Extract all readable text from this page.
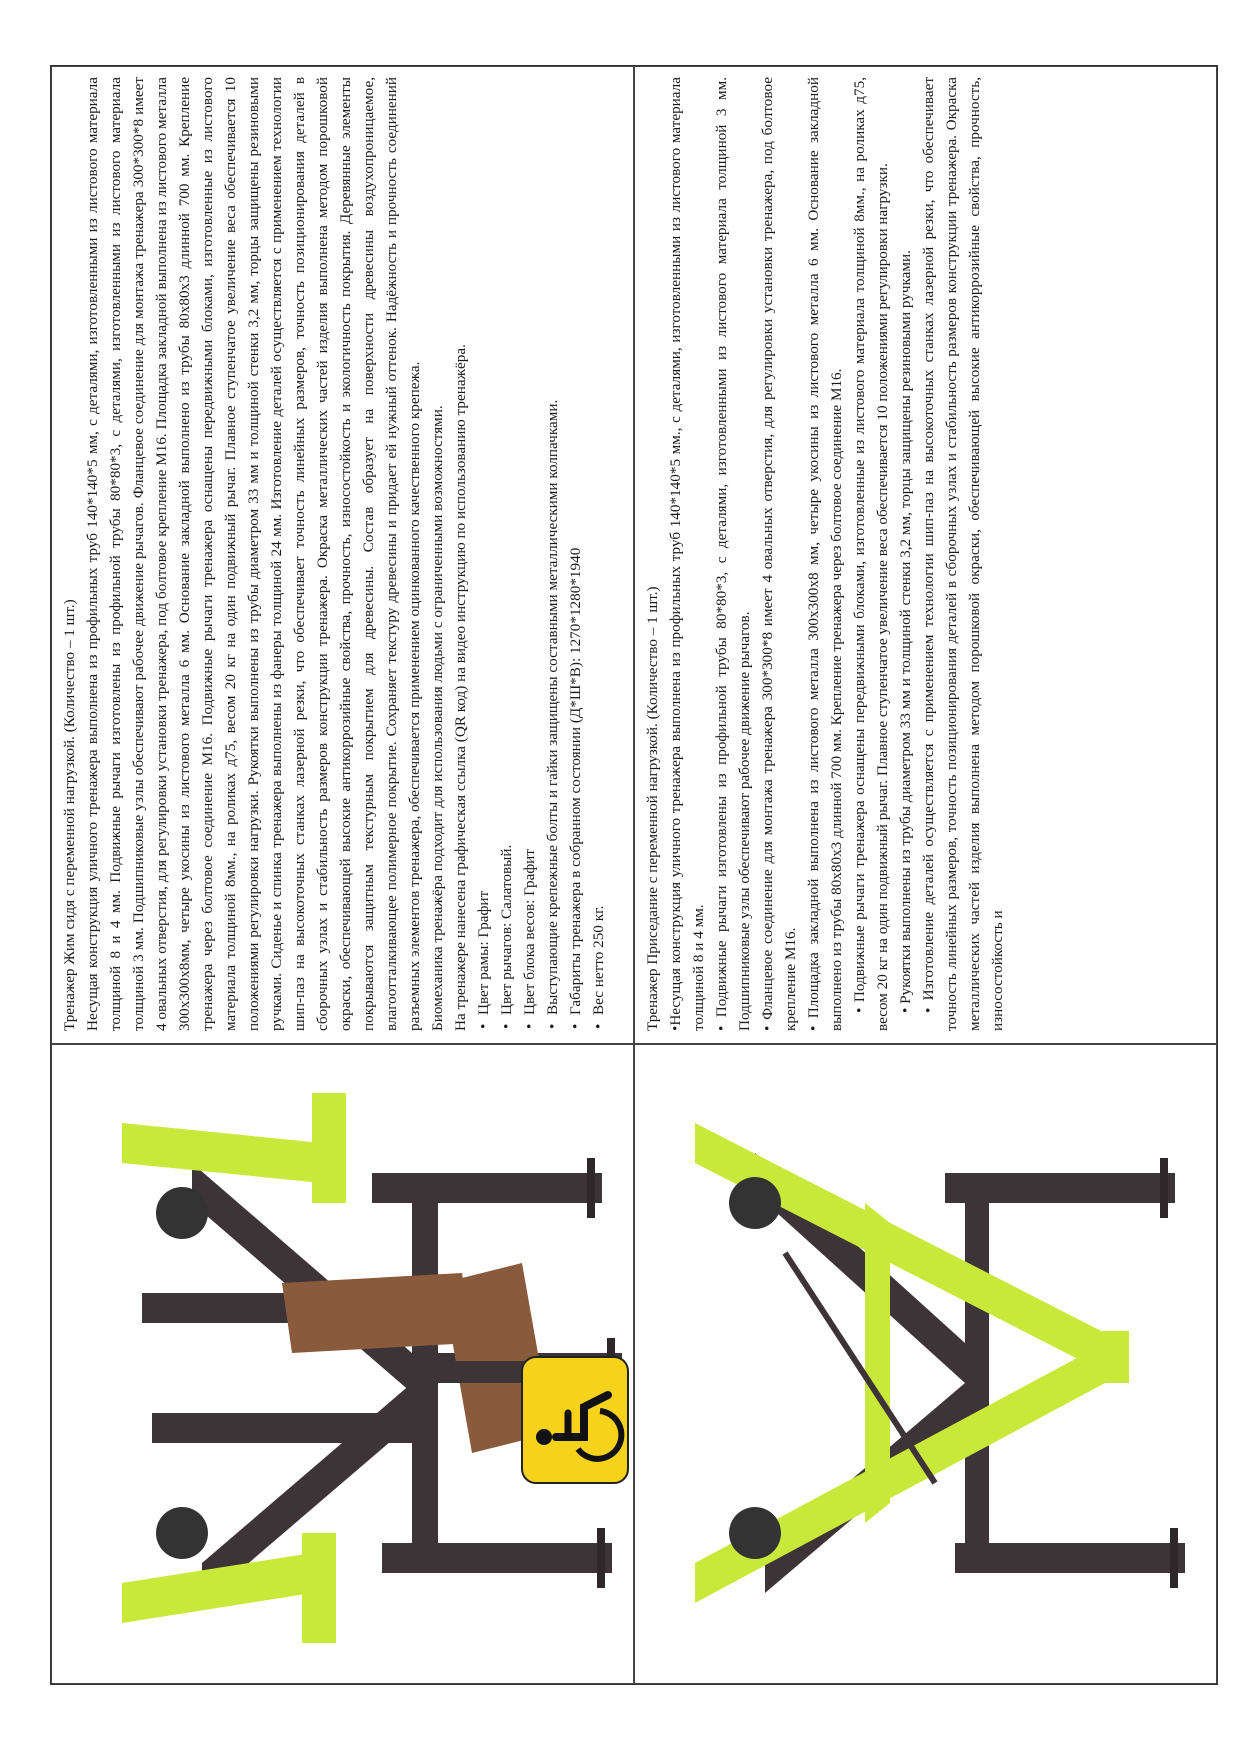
Тренажер Жим сидя с переменной нагрузкой. (Количество – 1 шт.) Несущая конструкция уличного тренажера выполнена из профильных труб 140*140*5 мм, с деталями, изготовленными из листового материала толщиной 8 и 4 мм. Подвижные рычаги изготовлены из профильной трубы 80*80*3, с деталями, изготовленными из листового материала толщиной 3 мм. Подшипниковые узлы обеспечивают рабочее движение рычагов. Фланцевое соединение для монтажа тренажера 300*300*8 имеет 4 овальных отверстия, для регулировки установки тренажера, под болтовое крепление М16. Площадка закладной выполнена из листового металла 300х300х8мм, четыре укосины из листового металла 6 мм. Основание закладной выполнено из трубы 80х80х3 длинной 700 мм. Крепление тренажера через болтовое соединение М16. Подвижные рычаги тренажера оснащены передвижными блоками, изготовленные из листового материала толщиной 8мм., на роликах д75, весом 20 кг на один подвижный рычаг. Плавное ступенчатое увеличение веса обеспечивается 10 положениями регулировки нагрузки. Рукоятки выполнены из трубы диаметром 33 мм и толщиной стенки 3,2 мм, торцы защищены резиновыми ручками. Сиденье и спинка тренажера выполнены из фанеры толщиной 24 мм. Изготовление деталей осуществляется с применением технологии шип-паз на высокоточных станках лазерной резки, что обеспечивает точность линейных размеров, точность позиционирования деталей в сборочных узлах и стабильность размеров конструкции тренажера. Окраска металлических частей изделия выполнена методом порошковой окраски, обеспечивающей высокие антикоррозийные свойства, прочность, износостойкость и экологичность покрытия. Деревянные элементы покрываются защитным текстурным покрытием для древесины. Состав образует на поверхности древесины воздухопроницаемое, влагоотталкивающее полимерное покрытие. Сохраняет текстуру древесины и придает ей нужный оттенок. Надёжность и прочность соединений разъемных элементов тренажера, обеспечивается применением оцинкованного качественного крепежа. Биомеханика тренажёра подходит для использования людьми с ограниченными возможностями. На тренажере нанесена графическая ссылка (QR код) на видео инструкцию по использованию тренажёра. • Цвет рамы: Графит • Цвет рычагов: Салатовый. • Цвет блока весов: Графит • Выступающие крепежные болты и гайки защищены составными металлическими колпачками. • Габариты тренажера в собранном состоянии (Д*Ш*В): 1270*1280*1940 • Вес нетто 250 кг. Тренажер Приседание с переменной нагрузкой. (Количество – 1 шт.) •Несущая конструкция уличного тренажера выполнена из профильных труб 140*140*5 мм., с деталями, изготовленными из листового материала толщиной 8 и 4 мм. • Подвижные рычаги изготовлены из профильной трубы 80*80*3, с деталями, изготовленными из листового материала толщиной 3 мм. Подшипниковые узлы обеспечивают рабочее движение рычагов. • Фланцевое соединение для монтажа тренажера 300*300*8 имеет 4 овальных отверстия, для регулировки установки тренажера, под болтовое крепление М16. • Площадка закладной выполнена из листового металла 300х300х8 мм, четыре укосины из листового металла 6 мм. Основание закладной выполнено из трубы 80х80х3 длинной 700 мм. Крепление тренажера через болтовое соединение М16. • Подвижные рычаги тренажера оснащены передвижными блоками, изготовленные из листового материала толщиной 8мм., на роликах д75, весом 20 кг на один подвижный рычаг. Плавное ступенчатое увеличение веса обеспечивается 10 положениями регулировки нагрузки. • Рукоятки выполнены из трубы диаметром 33 мм и толщиной стенки 3,2 мм, торцы защищены резиновыми ручками. • Изготовление деталей осуществляется с применением технологии шип-паз на высокоточных станках лазерной резки, что обеспечивает точность линейных размеров, точность позиционирования деталей в сборочных узлах и стабильность размеров конструкции тренажера. Окраска металлических частей изделия выполнена методом порошковой окраски, обеспечивающей высокие антикоррозийные свойства, прочность, износостойкость и
